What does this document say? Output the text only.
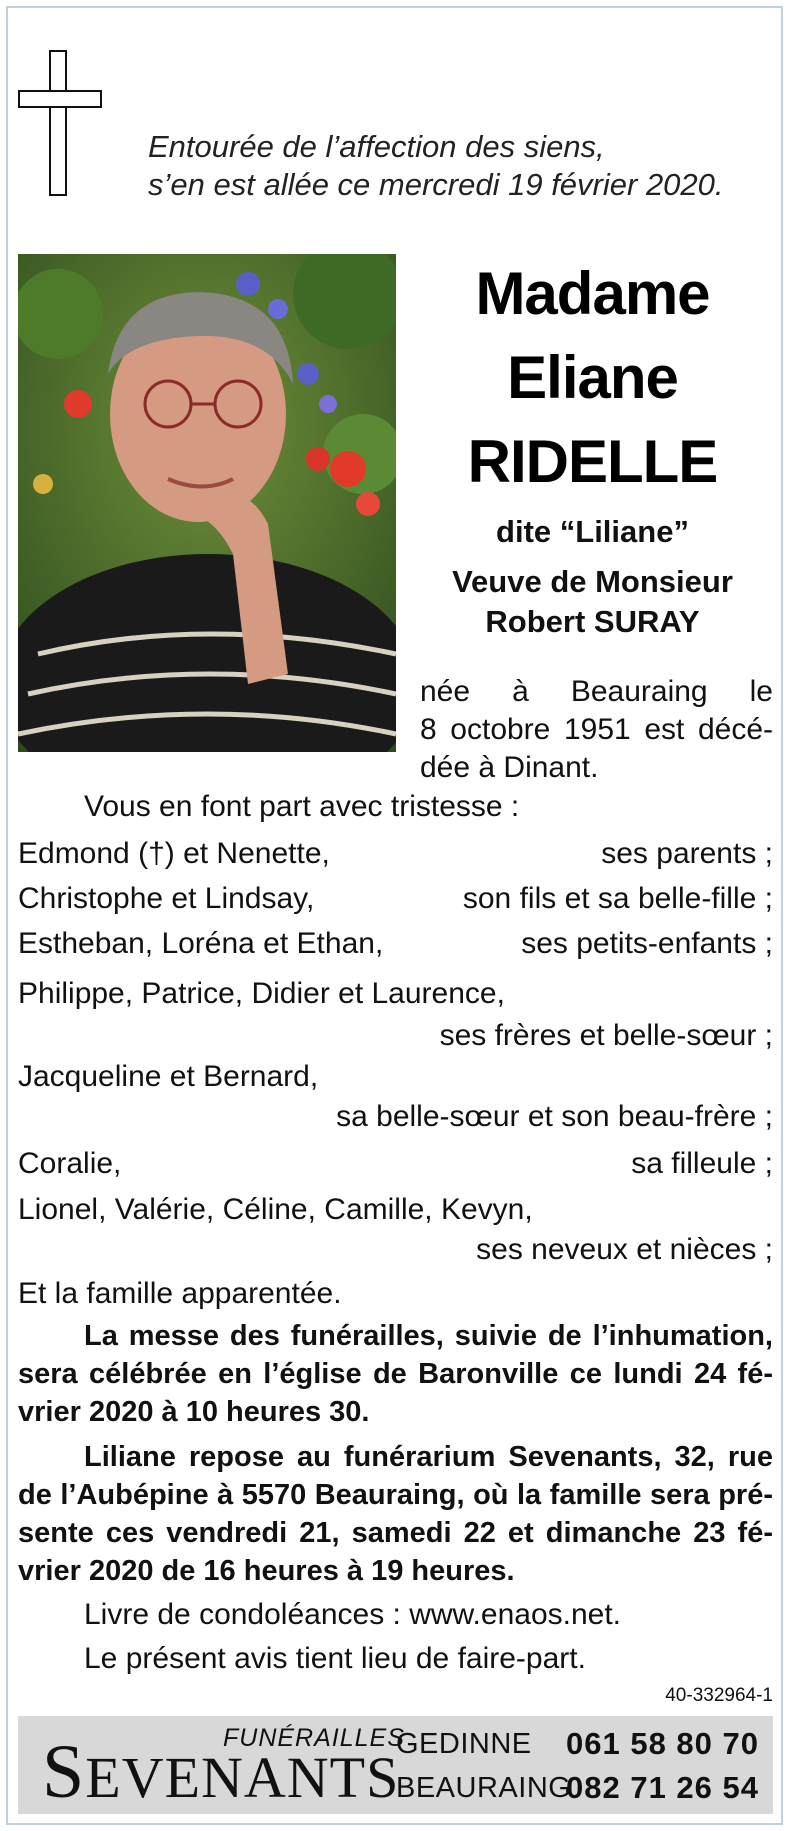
Entourée de l’affection des siens,
s’en est allée ce mercredi 19 février 2020.
Madame
Eliane
RIDELLE
dite “Liliane”
Veuve de Monsieur
Robert SURAY
née à Beauraing le
8 octobre 1951 est décé-
dée à Dinant.
Vous en font part avec tristesse :
Edmond (†) et Nenette,	ses parents ;
Christophe et Lindsay,	son fils et sa belle-fille ;
Estheban, Loréna et Ethan,	ses petits-enfants ;
Philippe, Patrice, Didier et Laurence,
ses frères et belle-sœur ;
Jacqueline et Bernard,
sa belle-sœur et son beau-frère ;
Coralie,	sa filleule ;
Lionel, Valérie, Céline, Camille, Kevyn,
ses neveux et nièces ;
Et la famille apparentée.
La messe des funérailles, suivie de l’inhumation,
sera célébrée en l’église de Baronville ce lundi 24 fé-
vrier 2020 à 10 heures 30.
Liliane repose au funérarium Sevenants, 32, rue
de l’Aubépine à 5570 Beauraing, où la famille sera pré-
sente ces vendredi 21, samedi 22 et dimanche 23 fé-
vrier 2020 de 16 heures à 19 heures.
Livre de condoléances : www.enaos.net.
Le présent avis tient lieu de faire-part.
40-332964-1
FUNÉRAILLES
SEVENANTS
GEDINNE 061 58 80 70
BEAURAING
082 71 26 54
